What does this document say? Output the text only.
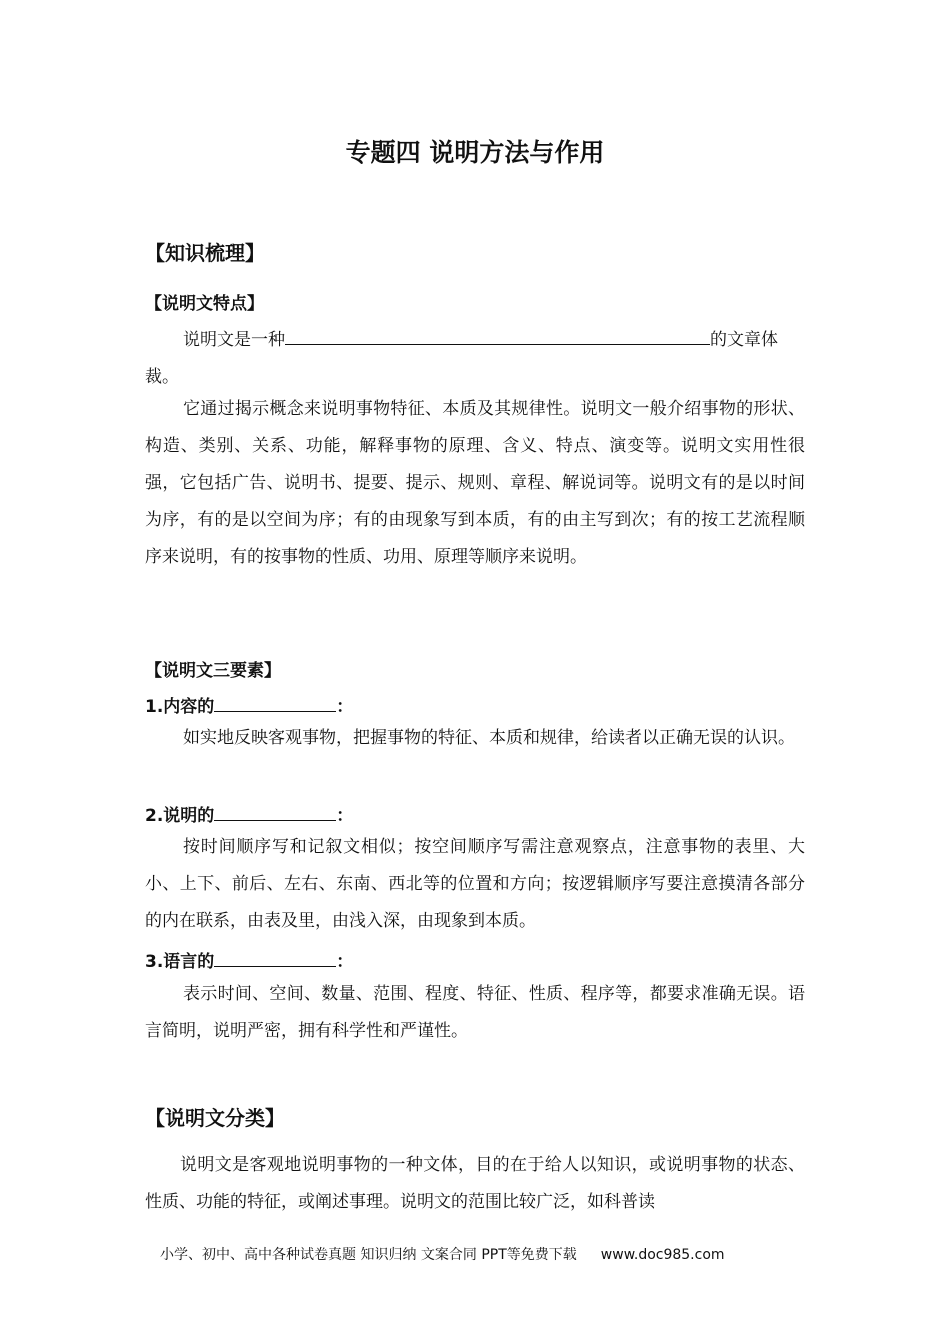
专题四 说明方法与作用
【知识梳理】
【说明文特点】
说明文是一种	的文章体
裁。
它通过揭示概念来说明事物特征、本质及其规律性。说明文一般介绍事物的形状、构造、类别、关系、功能，解释事物的原理、含义、特点、演变等。说明文实用性很强，它包括广告、说明书、提要、提示、规则、章程、解说词等。说明文有的是以时间为序，有的是以空间为序；有的由现象写到本质，有的由主写到次；有的按工艺流程顺序来说明，有的按事物的性质、功用、原理等顺序来说明。
【说明文三要素】
1.内容的	：
如实地反映客观事物，把握事物的特征、本质和规律，给读者以正确无误的认识。
2.说明的	：
按时间顺序写和记叙文相似；按空间顺序写需注意观察点，注意事物的表里、大小、上下、前后、左右、东南、西北等的位置和方向；按逻辑顺序写要注意摸清各部分的内在联系，由表及里，由浅入深，由现象到本质。
3.语言的	：
表示时间、空间、数量、范围、程度、特征、性质、程序等，都要求准确无误。语言简明，说明严密，拥有科学性和严谨性。
【说明文分类】
说明文是客观地说明事物的一种文体，目的在于给人以知识，或说明事物的状态、性质、功能的特征，或阐述事理。说明文的范围比较广泛，如科普读
小学、初中、高中各种试卷真题 知识归纳 文案合同 PPT等免费下载 www.doc985.com
